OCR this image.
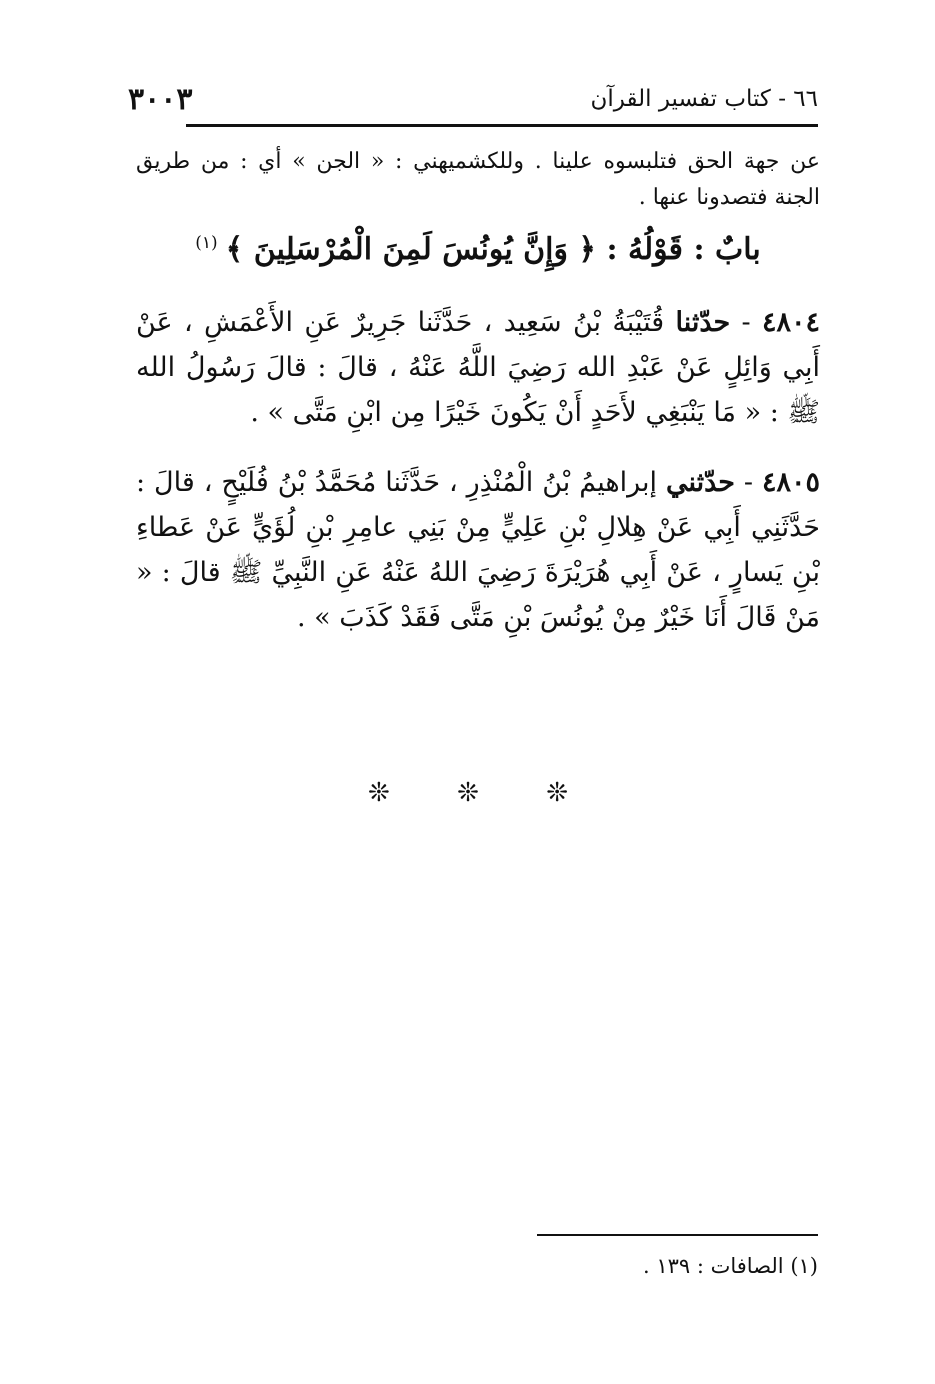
٣٠٠٣	٦٦ - كتاب تفسير القرآن
عن جهة الحق فتلبسوه علينا . وللكشميهني : « الجن » أي : من طريق الجنة فتصدونا عنها .
بابٌ : قَوْلُهُ : ﴿ وَإِنَّ يُونُسَ لَمِنَ الْمُرْسَلِينَ ﴾$^{(١)}$
٤٨٠٤ - حدّثنا قُتَيْبَةُ بْنُ سَعِيد ، حَدَّثَنا جَرِيرٌ عَنِ الأَعْمَشِ ، عَنْ أَبِي وَائِلٍ عَنْ عَبْدِ الله رَضِيَ اللَّهُ عَنْهُ ، قالَ : قالَ رَسُولُ الله ﷺ : « مَا يَنْبَغِي لأَحَدٍ أَنْ يَكُونَ خَيْرًا مِن ابْنِ مَتَّى » .
٤٨٠٥ - حدّثني إبراهيمُ بْنُ الْمُنْذِرِ ، حَدَّثَنا مُحَمَّدُ بْنُ فُلَيْحٍ ، قالَ : حَدَّثَنِي أَبِي عَنْ هِلالِ بْنِ عَلِيٍّ مِنْ بَنِي عامِرِ بْنِ لُؤَيٍّ عَنْ عَطاءِ بْنِ يَسارٍ ، عَنْ أَبِي هُرَيْرَةَ رَضِيَ اللهُ عَنْهُ عَنِ النَّبِيِّ ﷺ قالَ : « مَنْ قَالَ أَنَا خَيْرٌ مِنْ يُونُسَ بْنِ مَتَّى فَقَدْ كَذَبَ » .
❊	❊	❊
(١) الصافات : ١٣٩ .
